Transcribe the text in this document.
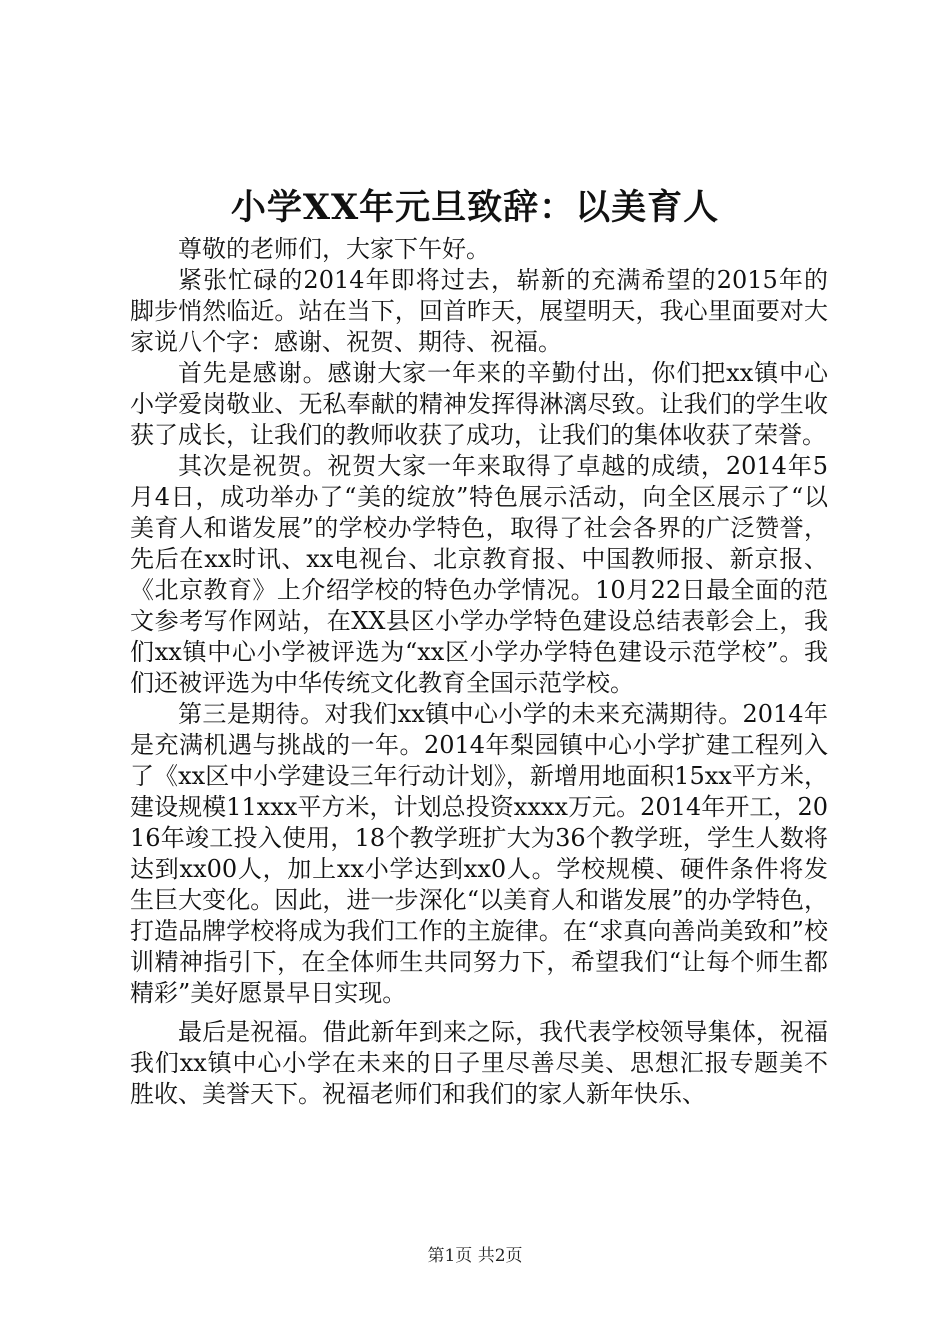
小学XX年元旦致辞：以美育人

尊敬的老师们，大家下午好。

紧张忙碌的2014年即将过去，崭新的充满希望的2015年的脚步悄然临近。站在当下，回首昨天，展望明天，我心里面要对大家说八个字：感谢、祝贺、期待、祝福。

首先是感谢。感谢大家一年来的辛勤付出，你们把xx镇中心小学爱岗敬业、无私奉献的精神发挥得淋漓尽致。让我们的学生收获了成长，让我们的教师收获了成功，让我们的集体收获了荣誉。

其次是祝贺。祝贺大家一年来取得了卓越的成绩，2014年5月4日，成功举办了“美的绽放”特色展示活动，向全区展示了“以美育人和谐发展”的学校办学特色，取得了社会各界的广泛赞誉，先后在xx时讯、xx电视台、北京教育报、中国教师报、新京报、《北京教育》上介绍学校的特色办学情况。10月22日最全面的范文参考写作网站，在XX县区小学办学特色建设总结表彰会上，我们xx镇中心小学被评选为“xx区小学办学特色建设示范学校”。我们还被评选为中华传统文化教育全国示范学校。

第三是期待。对我们xx镇中心小学的未来充满期待。2014年是充满机遇与挑战的一年。2014年梨园镇中心小学扩建工程列入了《xx区中小学建设三年行动计划》，新增用地面积15xx平方米，建设规模11xxx平方米，计划总投资xxxx万元。2014年开工，2016年竣工投入使用，18个教学班扩大为36个教学班，学生人数将达到xx00人，加上xx小学达到xx0人。学校规模、硬件条件将发生巨大变化。因此，进一步深化“以美育人和谐发展”的办学特色，打造品牌学校将成为我们工作的主旋律。在“求真向善尚美致和”校训精神指引下，在全体师生共同努力下，希望我们“让每个师生都精彩”美好愿景早日实现。

最后是祝福。借此新年到来之际，我代表学校领导集体，祝福我们xx镇中心小学在未来的日子里尽善尽美、思想汇报专题美不胜收、美誉天下。祝福老师们和我们的家人新年快乐、

第1页 共2页
